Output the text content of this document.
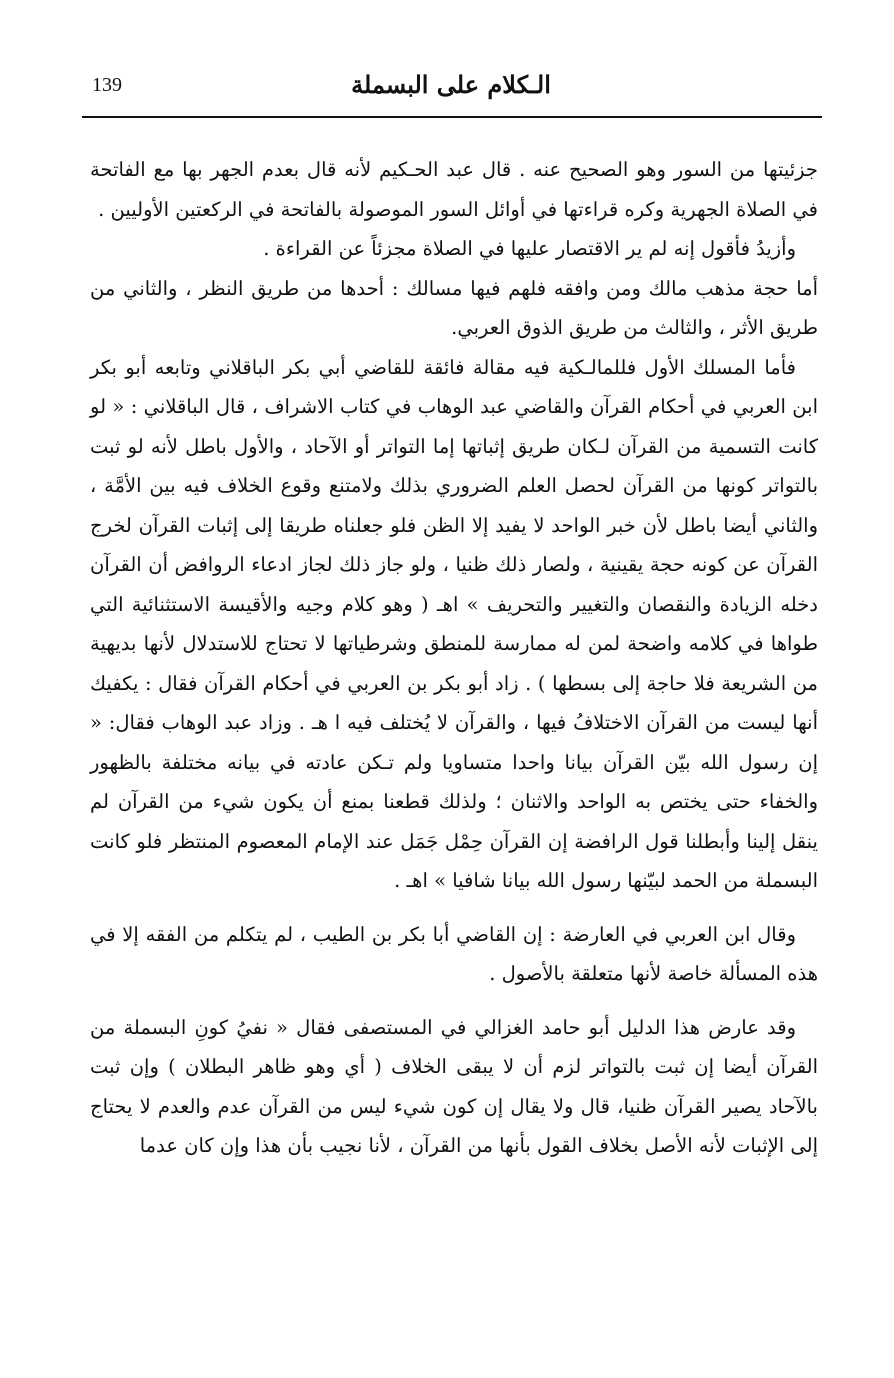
139	الـكلام على البسملة

جزئيتها من السور وهو الصحيح عنه . قال عبد الحـكيم لأنه قال بعدم الجهر بها مع الفاتحة في الصلاة الجهرية وكره قراءتها في أوائل السور الموصولة بالفاتحة في الركعتين الأوليين .

وأزيدُ فأقول إنه لم ير الاقتصار عليها في الصلاة مجزئاً عن القراءة .

أما حجة مذهب مالك ومن وافقه فلهم فيها مسالك : أحدها من طريق النظر ، والثاني من طريق الأثر ، والثالث من طريق الذوق العربي.

فأما المسلك الأول فللمالـكية فيه مقالة فائقة للقاضي أبي بكر الباقلاني وتابعه أبو بكر ابن العربي في أحكام القرآن والقاضي عبد الوهاب في كتاب الاشراف ، قال الباقلاني : « لو كانت التسمية من القرآن لـكان طريق إثباتها إما التواتر أو الآحاد ، والأول باطل لأنه لو ثبت بالتواتر كونها من القرآن لحصل العلم الضروري بذلك ولامتنع وقوع الخلاف فيه بين الأمَّة ، والثاني أيضا باطل لأن خبر الواحد لا يفيد إلا الظن فلو جعلناه طريقا إلى إثبات القرآن لخرج القرآن عن كونه حجة يقينية ، ولصار ذلك ظنيا ، ولو جاز ذلك لجاز ادعاء الروافض أن القرآن دخله الزيادة والنقصان والتغيير والتحريف » اهـ ( وهو كلام وجيه والأقيسة الاستثنائية التي طواها في كلامه واضحة لمن له ممارسة للمنطق وشرطياتها لا تحتاج للاستدلال لأنها بديهية من الشريعة فلا حاجة إلى بسطها ) . زاد أبو بكر بن العربي في أحكام القرآن فقال : يكفيك أنها ليست من القرآن الاختلافُ فيها ، والقرآن لا يُختلف فيه ا هـ . وزاد عبد الوهاب فقال: « إن رسول الله بيّن القرآن بيانا واحدا متساويا ولم تـكن عادته في بيانه مختلفة بالظهور والخفاء حتى يختص به الواحد والاثنان ؛ ولذلك قطعنا بمنع أن يكون شيء من القرآن لم ينقل إلينا وأبطلنا قول الرافضة إن القرآن حِمْل جَمَل عند الإمام المعصوم المنتظر فلو كانت البسملة من الحمد لبيّنها رسول الله بيانا شافيا » اهـ .

وقال ابن العربي في العارضة : إن القاضي أبا بكر بن الطيب ، لم يتكلم من الفقه إلا في هذه المسألة خاصة لأنها متعلقة بالأصول .

وقد عارض هذا الدليل أبو حامد الغزالي في المستصفى فقال « نفيُ كونِ البسملة من القرآن أيضا إن ثبت بالتواتر لزم أن لا يبقى الخلاف ( أي وهو ظاهر البطلان ) وإن ثبت بالآحاد يصير القرآن ظنيا، قال ولا يقال إن كون شيء ليس من القرآن عدم والعدم لا يحتاج إلى الإثبات لأنه الأصل بخلاف القول بأنها من القرآن ، لأنا نجيب بأن هذا وإن كان عدما
